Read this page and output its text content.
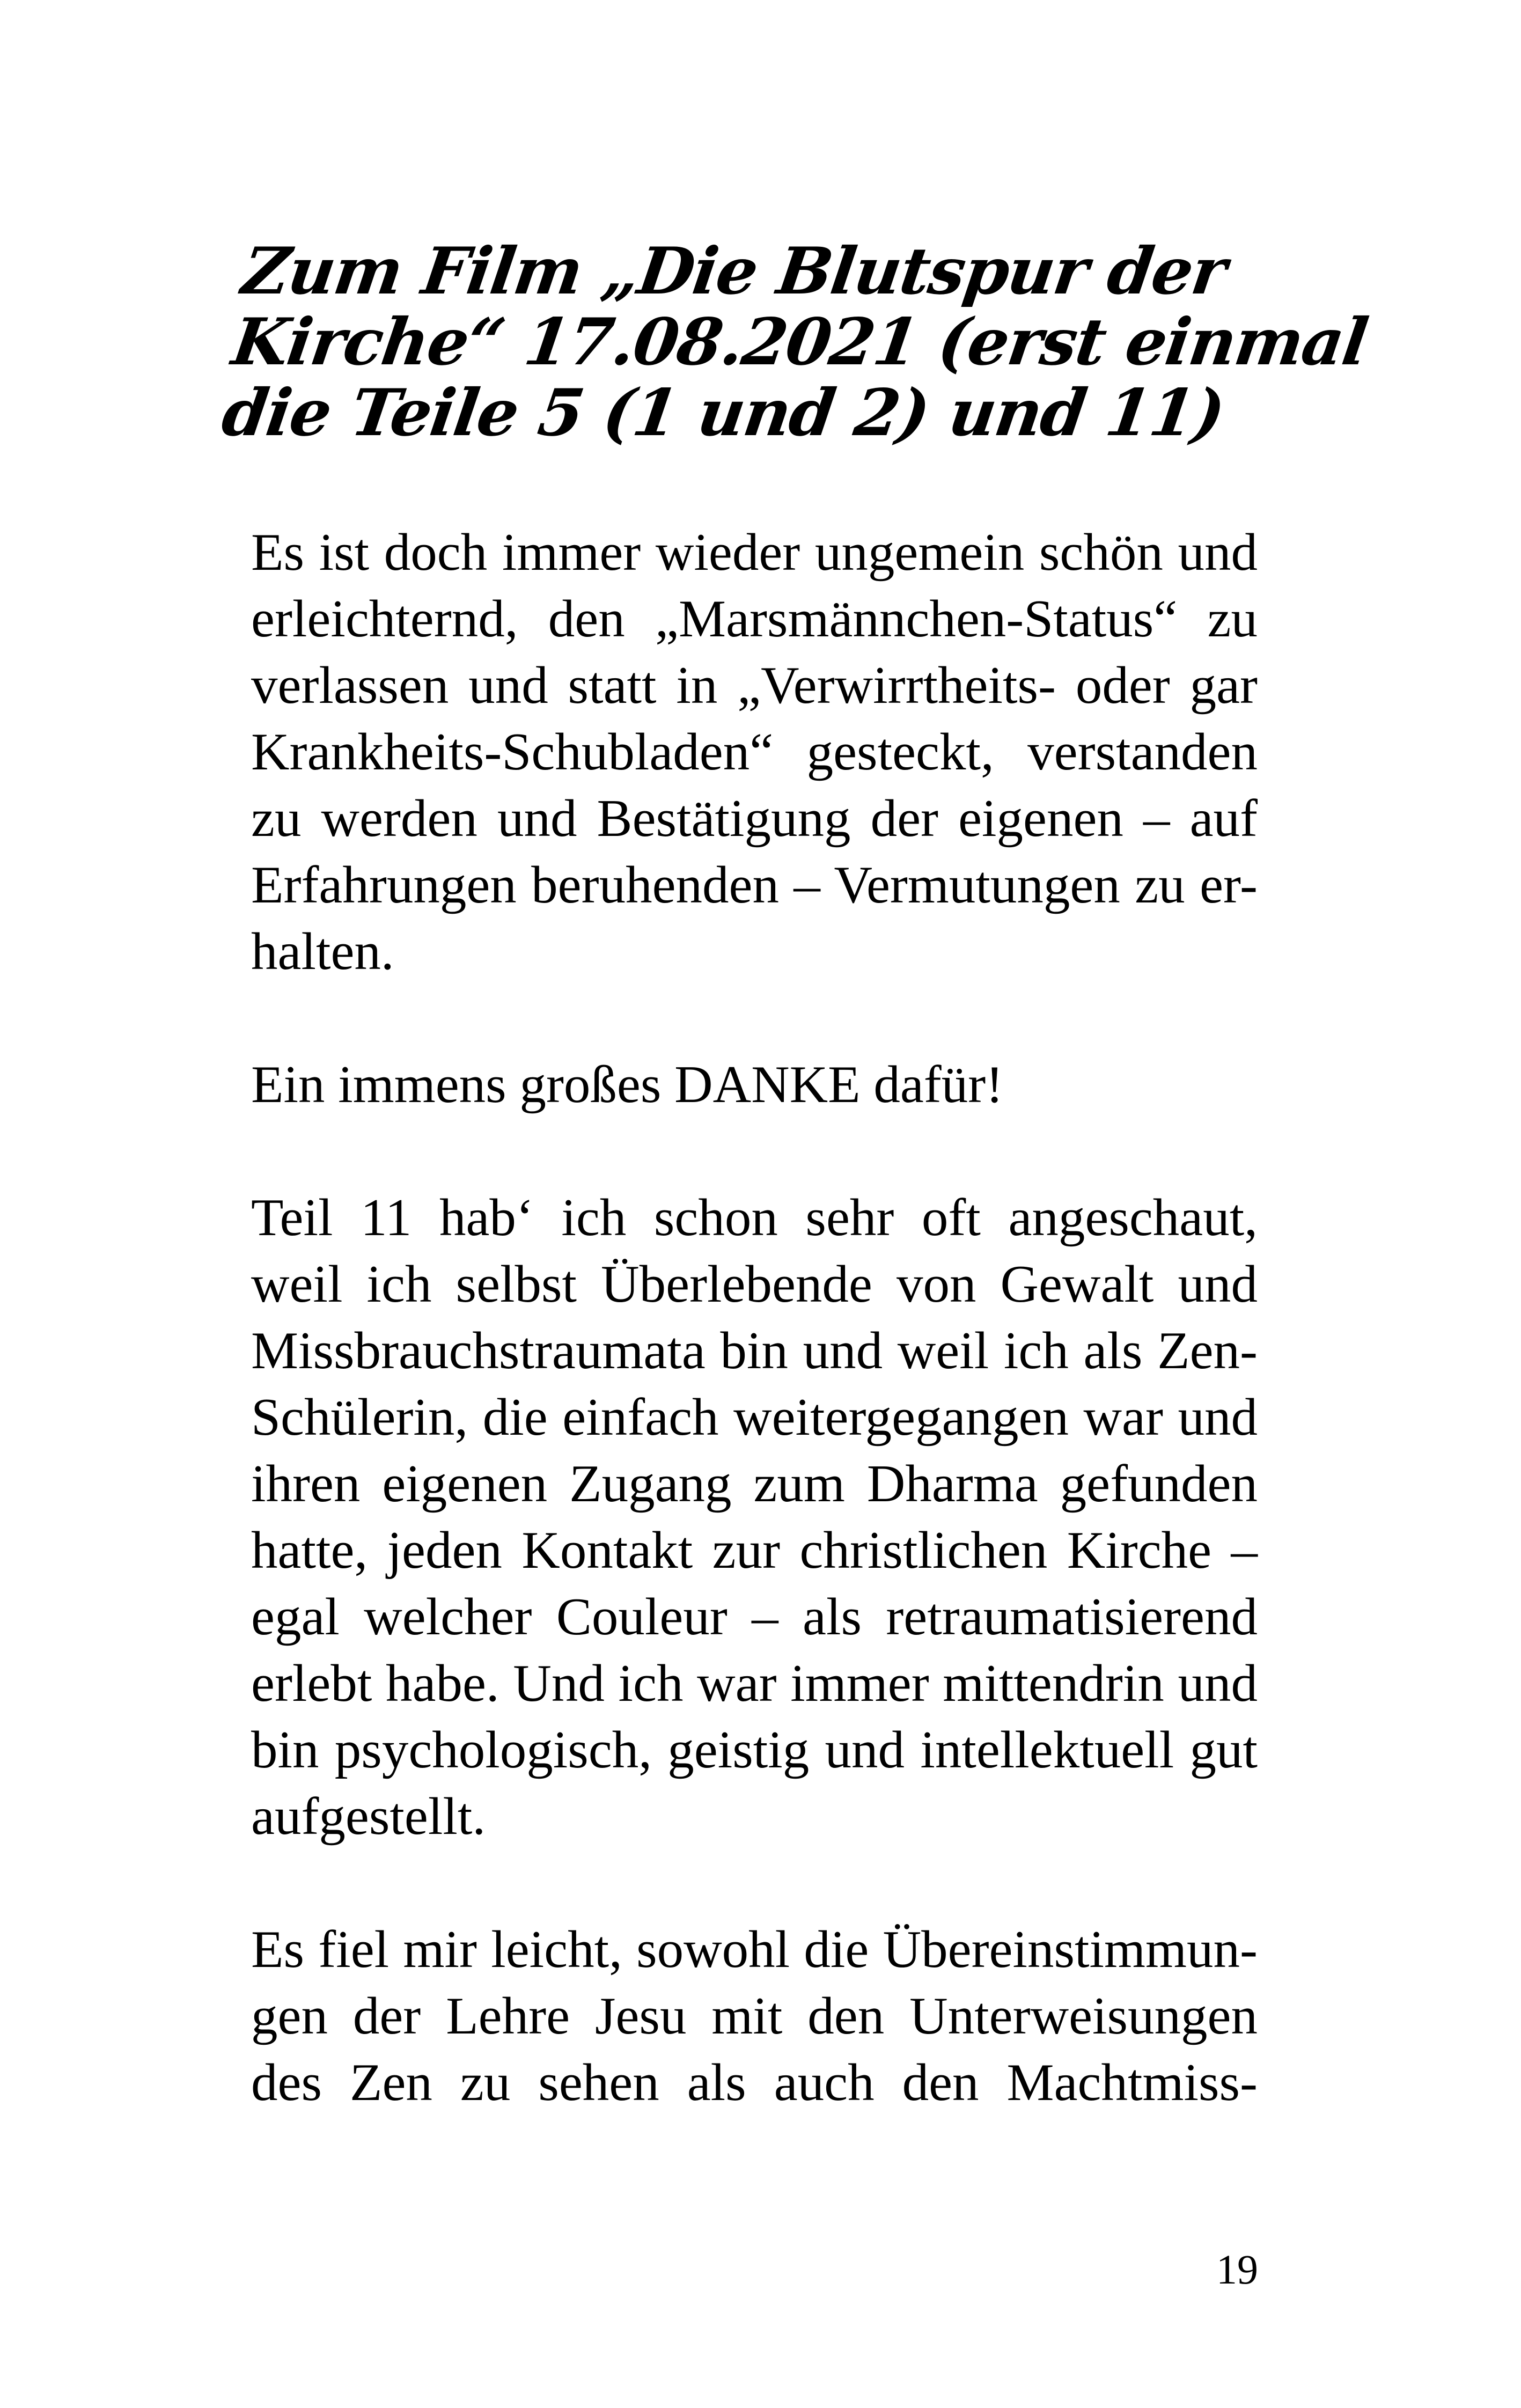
Zum Film „Die Blutspur der
Kirche“ 17.08.2021 (erst einmal
die Teile 5 (1 und 2) und 11)
Es ist doch immer wieder ungemein schön und
erleichternd, den „Marsmännchen-Status“ zu
verlassen und statt in „Verwirrtheits- oder gar
Krankheits-Schubladen“ gesteckt, verstanden
zu werden und Bestätigung der eigenen – auf
Erfahrungen beruhenden – Vermutungen zu er-
halten.
Ein immens großes DANKE dafür!
Teil 11 hab‘ ich schon sehr oft angeschaut,
weil ich selbst Überlebende von Gewalt und
Missbrauchstraumata bin und weil ich als Zen-
Schülerin, die einfach weitergegangen war und
ihren eigenen Zugang zum Dharma gefunden
hatte, jeden Kontakt zur christlichen Kirche –
egal welcher Couleur – als retraumatisierend
erlebt habe. Und ich war immer mittendrin und
bin psychologisch, geistig und intellektuell gut
aufgestellt.
Es fiel mir leicht, sowohl die Übereinstimmun-
gen der Lehre Jesu mit den Unterweisungen
des Zen zu sehen als auch den Machtmiss-
19
